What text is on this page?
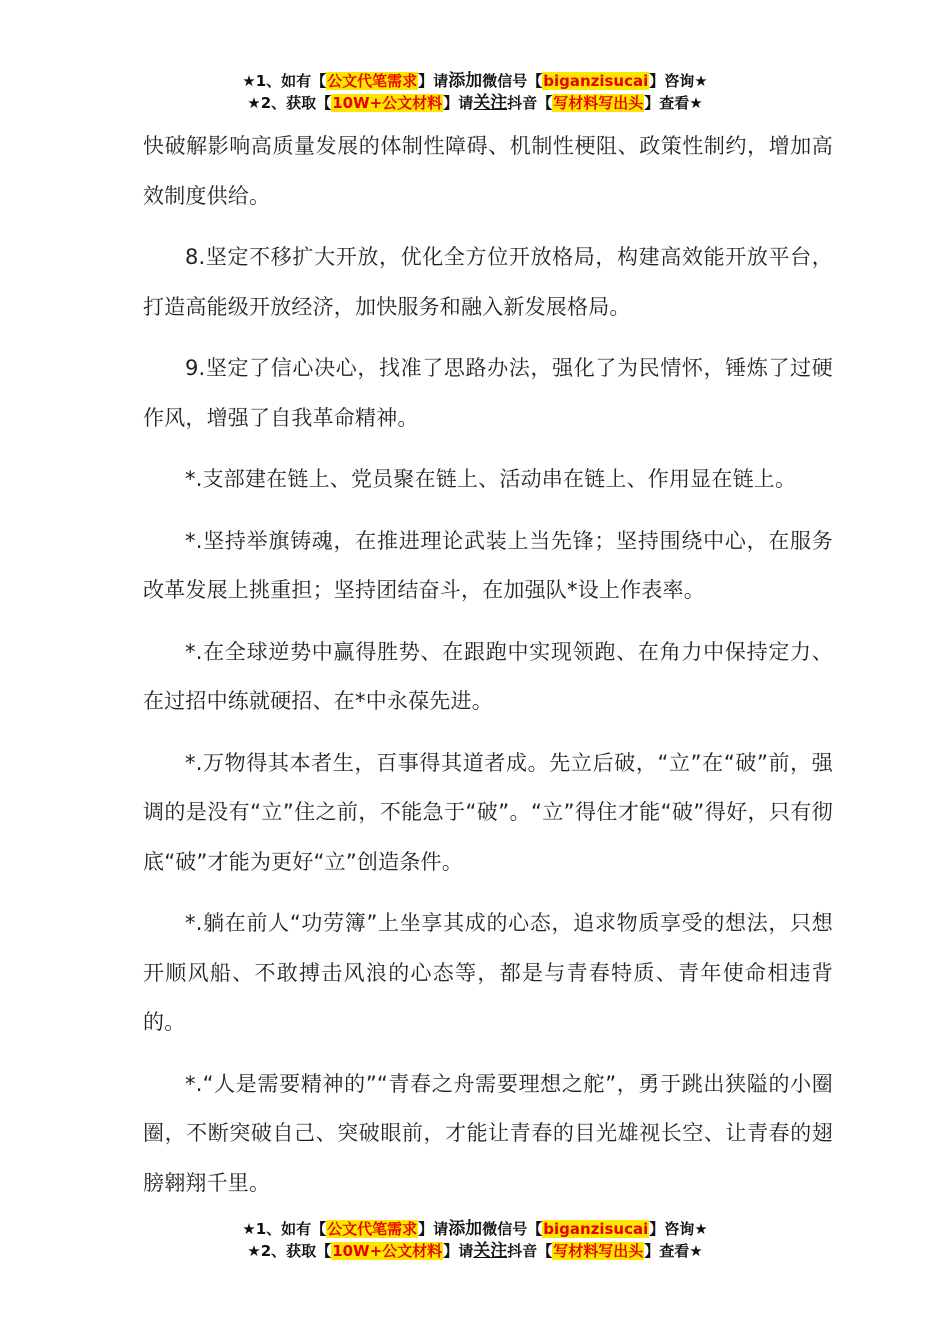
★1、如有【公文代笔需求】请添加微信号【biganzisucai】咨询★
★2、获取【10W+公文材料】请关注抖音【写材料写出头】查看★

快破解影响高质量发展的体制性障碍、机制性梗阻、政策性制约，增加高效制度供给。

8.坚定不移扩大开放，优化全方位开放格局，构建高效能开放平台，打造高能级开放经济，加快服务和融入新发展格局。

9.坚定了信心决心，找准了思路办法，强化了为民情怀，锤炼了过硬作风，增强了自我革命精神。

*.支部建在链上、党员聚在链上、活动串在链上、作用显在链上。

*.坚持举旗铸魂，在推进理论武装上当先锋；坚持围绕中心，在服务改革发展上挑重担；坚持团结奋斗，在加强队*设上作表率。

*.在全球逆势中赢得胜势、在跟跑中实现领跑、在角力中保持定力、在过招中练就硬招、在*中永葆先进。

*.万物得其本者生，百事得其道者成。先立后破，“立”在“破”前，强调的是没有“立”住之前，不能急于“破”。“立”得住才能“破”得好，只有彻底“破”才能为更好“立”创造条件。

*.躺在前人“功劳簿”上坐享其成的心态，追求物质享受的想法，只想开顺风船、不敢搏击风浪的心态等，都是与青春特质、青年使命相违背的。

*.“人是需要精神的”“青春之舟需要理想之舵”，勇于跳出狭隘的小圈圈，不断突破自己、突破眼前，才能让青春的目光雄视长空、让青春的翅膀翱翔千里。

★1、如有【公文代笔需求】请添加微信号【biganzisucai】咨询★
★2、获取【10W+公文材料】请关注抖音【写材料写出头】查看★
